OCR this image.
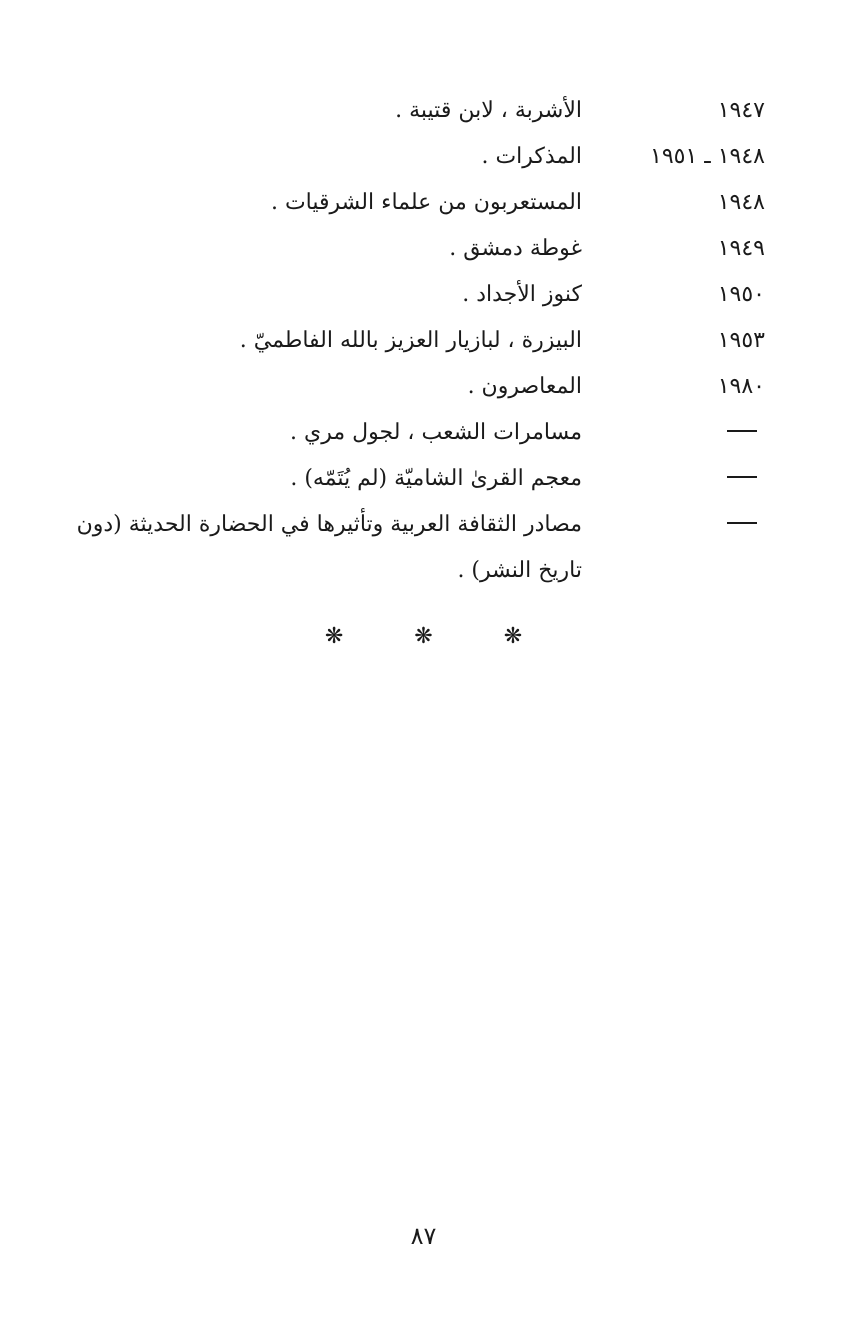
١٩٤٧
الأشربة ، لابن قتيبة .
١٩٤٨ ـ ١٩٥١
المذكرات .
١٩٤٨
المستعربون من علماء الشرقيات .
١٩٤٩
غوطة دمشق .
١٩٥٠
كنوز الأجداد .
١٩٥٣
البيزرة ، لبازيار العزيز بالله الفاطميّ .
١٩٨٠
المعاصرون .
مسامرات الشعب ، لجول مري .
معجم القرىٰ الشاميّة (لم يُتَمّه) .
مصادر الثقافة العربية وتأثيرها في الحضارة الحديثة (دون تاريخ النشر) .
❋ ❋ ❋
٨٧
